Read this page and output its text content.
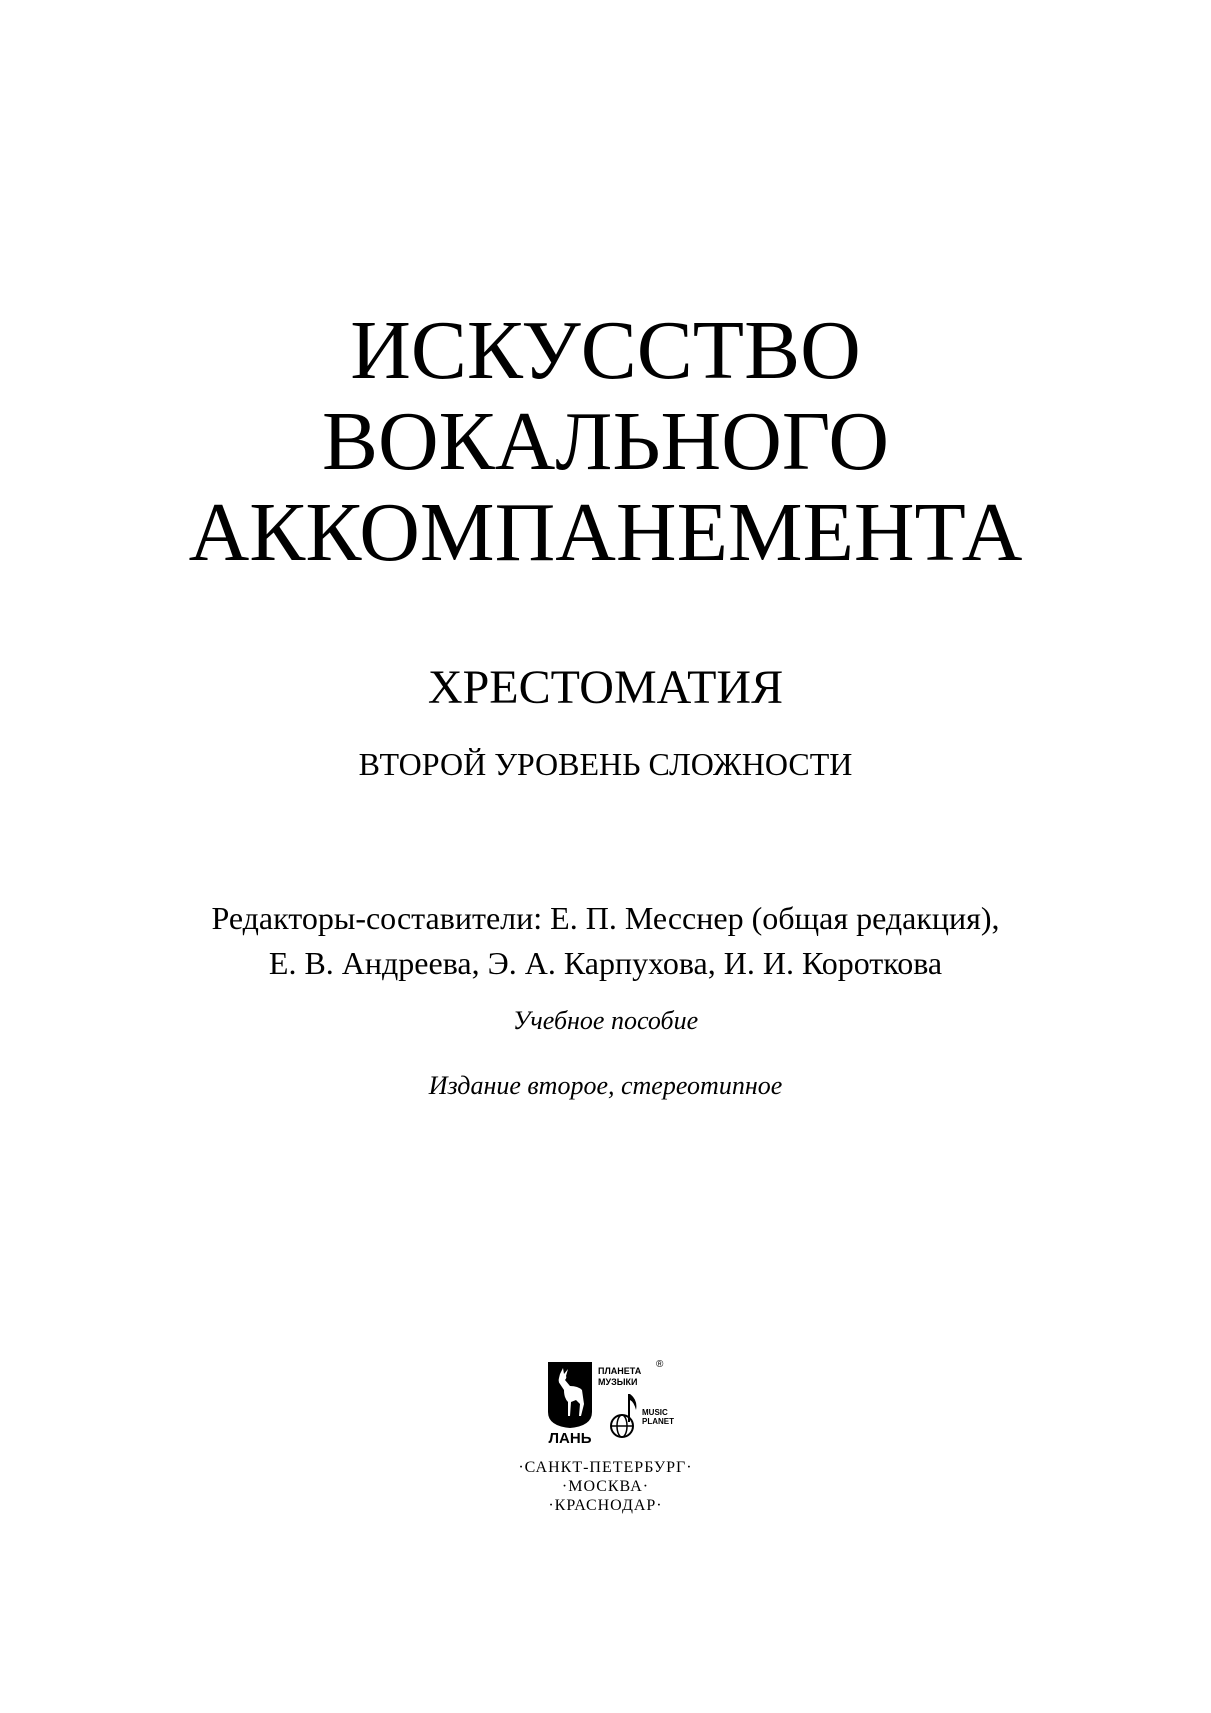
ИСКУССТВО
ВОКАЛЬНОГО
АККОМПАНЕМЕНТА
ХРЕСТОМАТИЯ
ВТОРОЙ УРОВЕНЬ СЛОЖНОСТИ
Редакторы-составители: Е. П. Месснер (общая редакция),
Е. В. Андреева, Э. А. Карпухова, И. И. Короткова
Учебное пособие
Издание второе, стереотипное
ЛАНЬ
ПЛАНЕТА
МУЗЫКИ
®
MUSIC
PLANET
·САНКТ-ПЕТЕРБУРГ·
·МОСКВА·
·КРАСНОДАР·
